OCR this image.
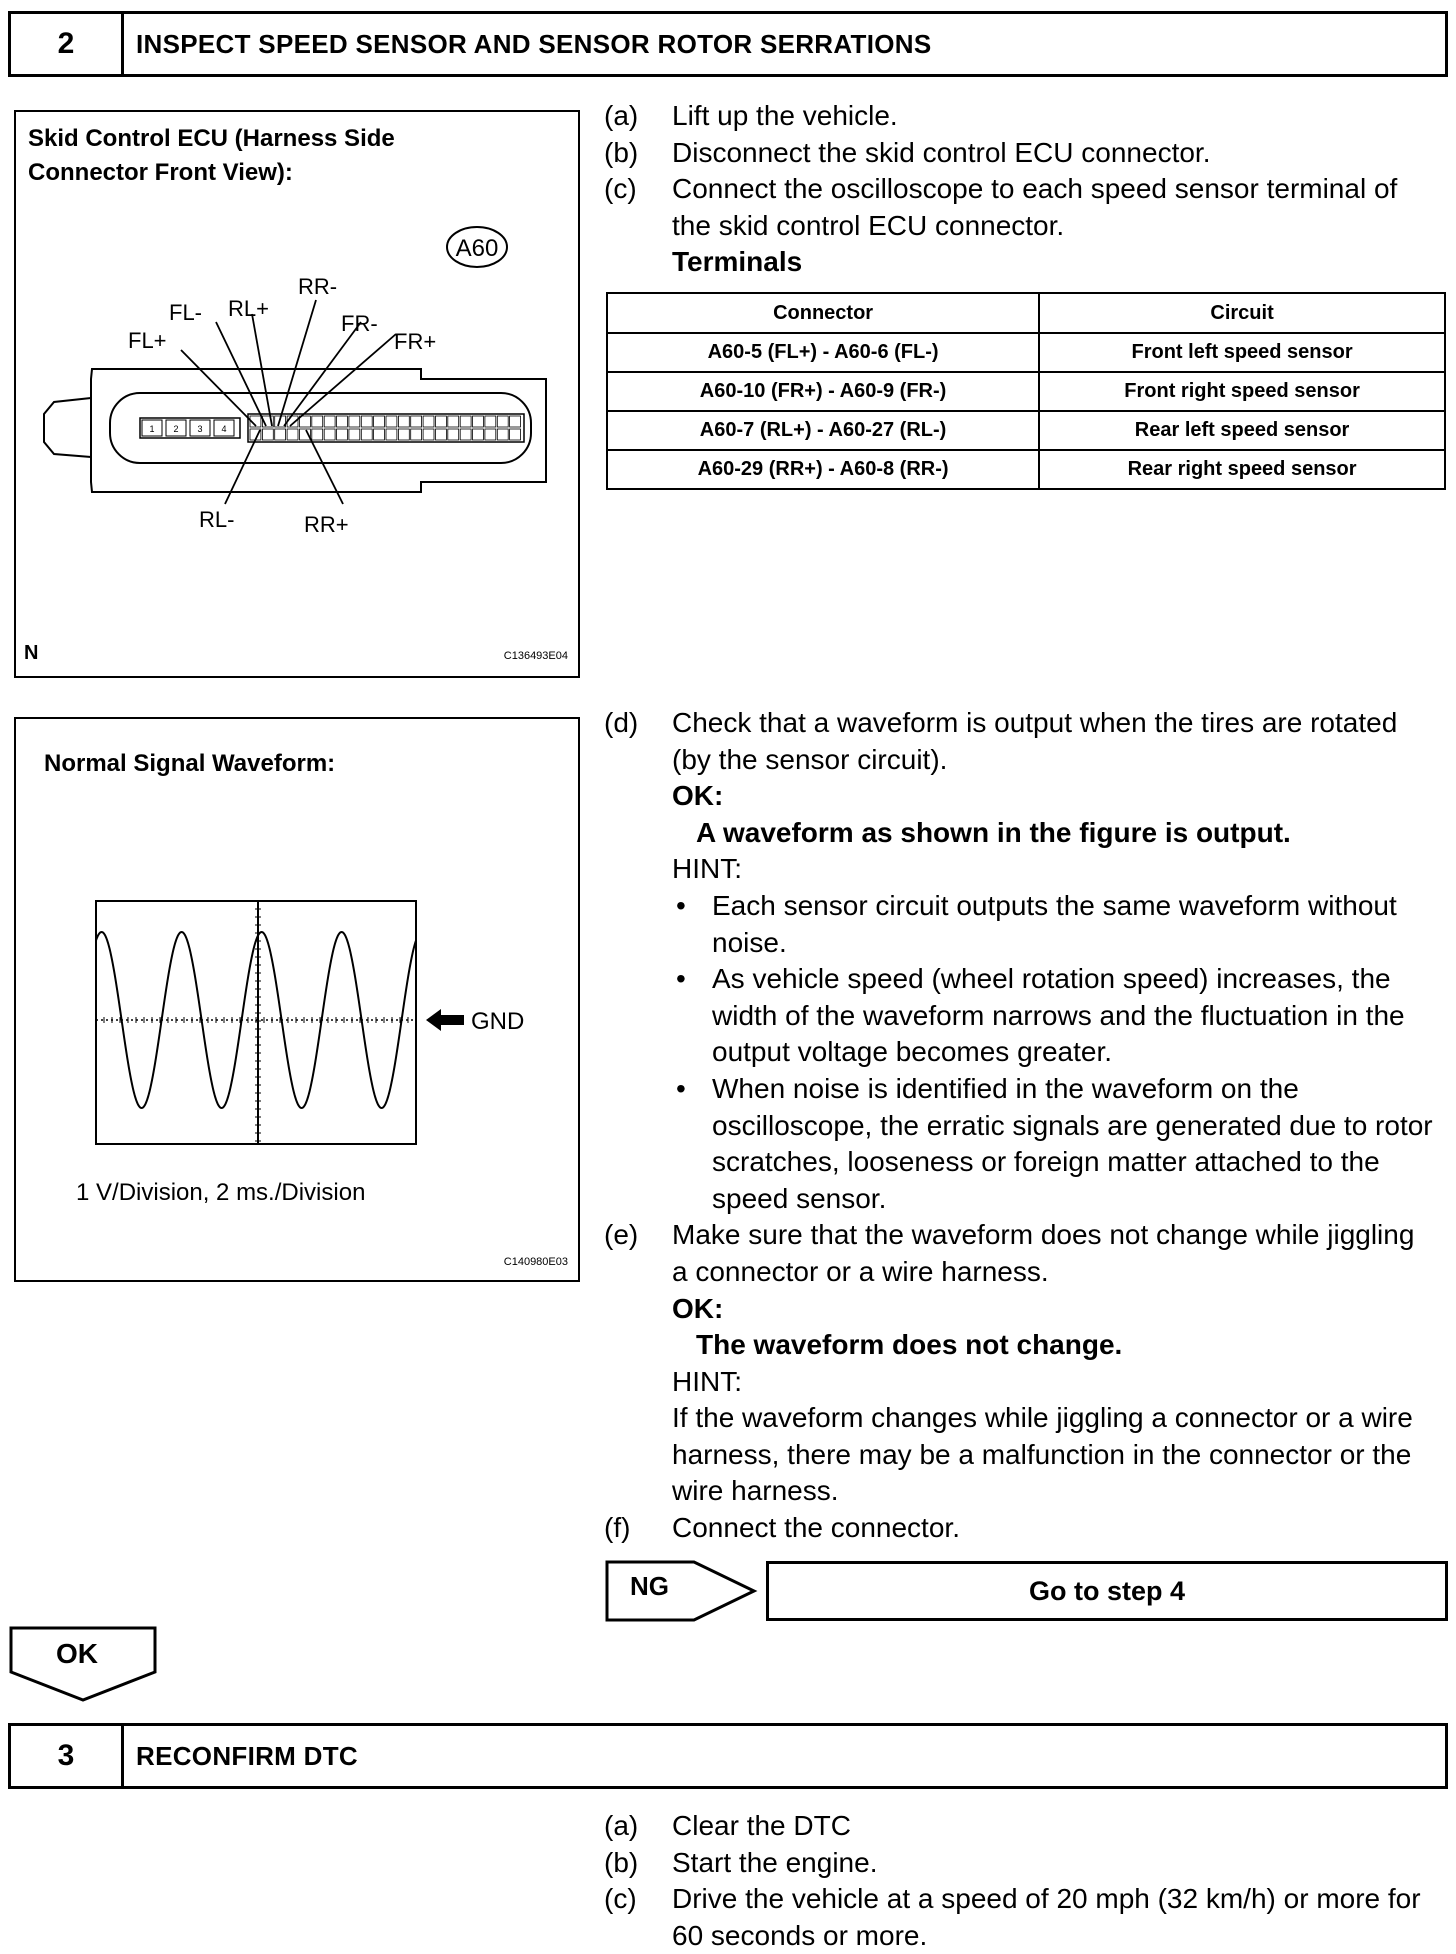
2	INSPECT SPEED SENSOR AND SENSOR ROTOR SERRATIONS
Skid Control ECU (Harness Side
Connector Front View):
A60
1 2 3 4
FL+
FL- RL+
RR-
FR-
FR+
RL-	RR+
N	C136493E04
(a)	Lift up the vehicle.
(b)	Disconnect the skid control ECU connector.
(c)	Connect the oscilloscope to each speed sensor terminal of the skid control ECU connector.
Terminals
Connector	Circuit
A60-5 (FL+) - A60-6 (FL-)	Front left speed sensor
A60-10 (FR+) - A60-9 (FR-)	Front right speed sensor
A60-7 (RL+) - A60-27 (RL-)	Rear left speed sensor
A60-29 (RR+) - A60-8 (RR-)	Rear right speed sensor
Normal Signal Waveform:
GND
1 V/Division, 2 ms./Division
C140980E03
(d)	Check that a waveform is output when the tires are rotated (by the sensor circuit).
OK:
A waveform as shown in the figure is output.
HINT:
• Each sensor circuit outputs the same waveform without noise.
• As vehicle speed (wheel rotation speed) increases, the width of the waveform narrows and the fluctuation in the output voltage becomes greater.
• When noise is identified in the waveform on the oscilloscope, the erratic signals are generated due to rotor scratches, looseness or foreign matter attached to the speed sensor.
(e)	Make sure that the waveform does not change while jiggling a connector or a wire harness.
OK:
The waveform does not change.
HINT:
If the waveform changes while jiggling a connector or a wire harness, there may be a malfunction in the connector or the wire harness.
(f)	Connect the connector.
NG	Go to step 4
OK
3	RECONFIRM DTC
(a)	Clear the DTC
(b)	Start the engine.
(c)	Drive the vehicle at a speed of 20 mph (32 km/h) or more for 60 seconds or more.
